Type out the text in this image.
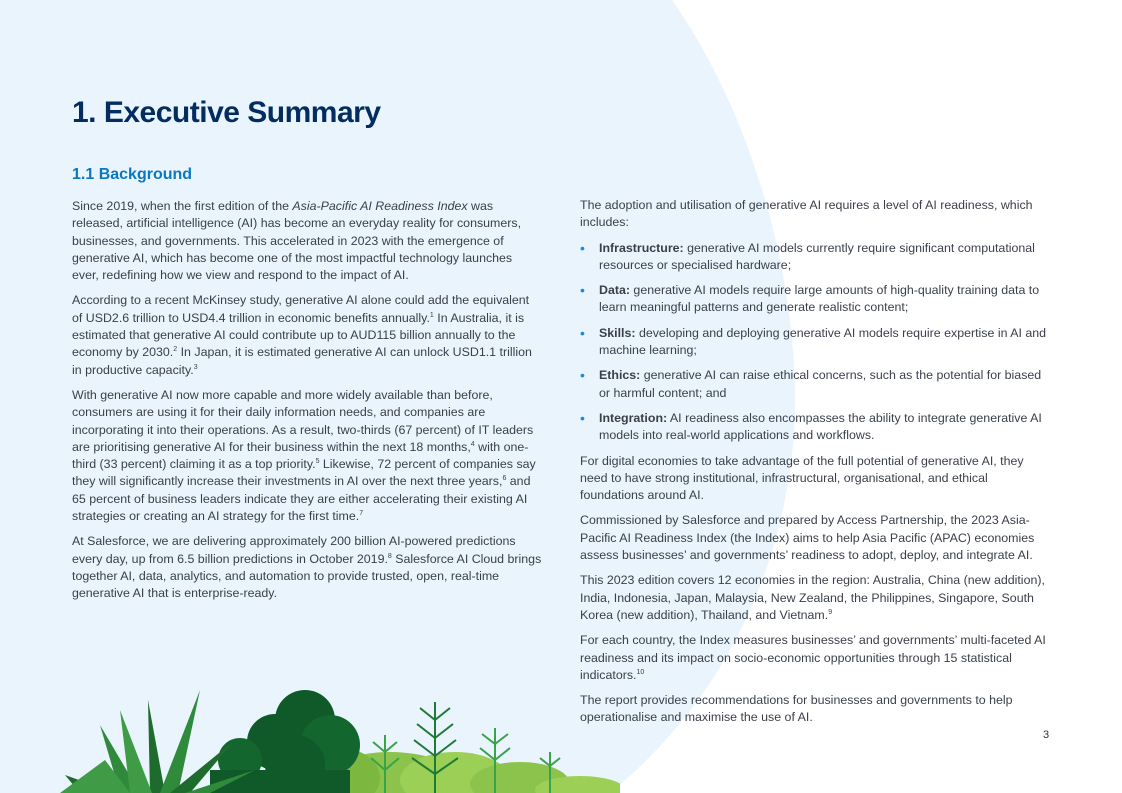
1. Executive Summary
1.1 Background

Since 2019, when the first edition of the Asia-Pacific AI Readiness Index was released, artificial intelligence (AI) has become an everyday reality for consumers, businesses, and governments. This accelerated in 2023 with the emergence of generative AI, which has become one of the most impactful technology launches ever, redefining how we view and respond to the impact of AI.

According to a recent McKinsey study, generative AI alone could add the equivalent of USD2.6 trillion to USD4.4 trillion in economic benefits annually.$^1$ In Australia, it is estimated that generative AI could contribute up to AUD115 billion annually to the economy by 2030.$^2$ In Japan, it is estimated generative AI can unlock USD1.1 trillion in productive capacity.$^3$

With generative AI now more capable and more widely available than before, consumers are using it for their daily information needs, and companies are incorporating it into their operations. As a result, two-thirds (67 percent) of IT leaders are prioritising generative AI for their business within the next 18 months,$^4$ with one-third (33 percent) claiming it as a top priority.$^5$ Likewise, 72 percent of companies say they will significantly increase their investments in AI over the next three years,$^6$ and 65 percent of business leaders indicate they are either accelerating their existing AI strategies or creating an AI strategy for the first time.$^7$

At Salesforce, we are delivering approximately 200 billion AI-powered predictions every day, up from 6.5 billion predictions in October 2019.$^8$ Salesforce AI Cloud brings together AI, data, analytics, and automation to provide trusted, open, real-time generative AI that is enterprise-ready.

The adoption and utilisation of generative AI requires a level of AI readiness, which includes:

• Infrastructure: generative AI models currently require significant computational resources or specialised hardware;
• Data: generative AI models require large amounts of high-quality training data to learn meaningful patterns and generate realistic content;
• Skills: developing and deploying generative AI models require expertise in AI and machine learning;
• Ethics: generative AI can raise ethical concerns, such as the potential for biased or harmful content; and
• Integration: AI readiness also encompasses the ability to integrate generative AI models into real-world applications and workflows.

For digital economies to take advantage of the full potential of generative AI, they need to have strong institutional, infrastructural, organisational, and ethical foundations around AI.

Commissioned by Salesforce and prepared by Access Partnership, the 2023 Asia-Pacific AI Readiness Index (the Index) aims to help Asia Pacific (APAC) economies assess businesses’ and governments’ readiness to adopt, deploy, and integrate AI.

This 2023 edition covers 12 economies in the region: Australia, China (new addition), India, Indonesia, Japan, Malaysia, New Zealand, the Philippines, Singapore, South Korea (new addition), Thailand, and Vietnam.$^9$

For each country, the Index measures businesses’ and governments’ multi-faceted AI readiness and its impact on socio-economic opportunities through 15 statistical indicators.$^{10}$

The report provides recommendations for businesses and governments to help operationalise and maximise the use of AI.

3
